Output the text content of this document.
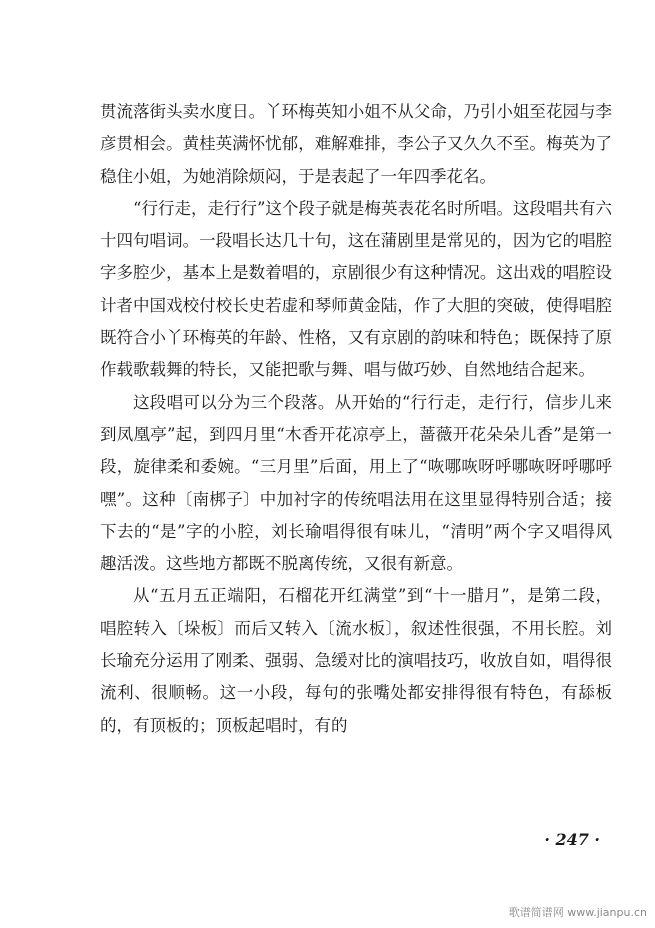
贯流落街头卖水度日。丫环梅英知小姐不从父命，乃引小姐至花园与李彦贯相会。黄桂英满怀忧郁，难解难排，李公子又久久不至。梅英为了稳住小姐，为她消除烦闷，于是表起了一年四季花名。

“行行走，走行行”这个段子就是梅英表花名时所唱。这段唱共有六十四句唱词。一段唱长达几十句，这在蒲剧里是常见的，因为它的唱腔字多腔少，基本上是数着唱的，京剧很少有这种情况。这出戏的唱腔设计者中国戏校付校长史若虚和琴师黄金陆，作了大胆的突破，使得唱腔既符合小丫环梅英的年龄、性格，又有京剧的韵味和特色；既保持了原作载歌载舞的特长，又能把歌与舞、唱与做巧妙、自然地结合起来。

这段唱可以分为三个段落。从开始的“行行走，走行行，信步儿来到凤凰亭”起，到四月里“木香开花凉亭上，蔷薇开花朵朵儿香”是第一段，旋律柔和委婉。“三月里”后面，用上了“咴哪咴呀呼哪咴呀呼哪呼嘿”。这种〔南梆子〕中加衬字的传统唱法用在这里显得特别合适；接下去的“是”字的小腔，刘长瑜唱得很有味儿，“清明”两个字又唱得风趣活泼。这些地方都既不脱离传统，又很有新意。

从“五月五正端阳，石榴花开红满堂”到“十一腊月”，是第二段，唱腔转入〔垛板〕而后又转入〔流水板〕，叙述性很强，不用长腔。刘长瑜充分运用了刚柔、强弱、急缓对比的演唱技巧，收放自如，唱得很流利、很顺畅。这一小段，每句的张嘴处都安排得很有特色，有舔板的，有顶板的；顶板起唱时，有的

· 247 ·
歌谱简谱网 www.jianpu.cn
